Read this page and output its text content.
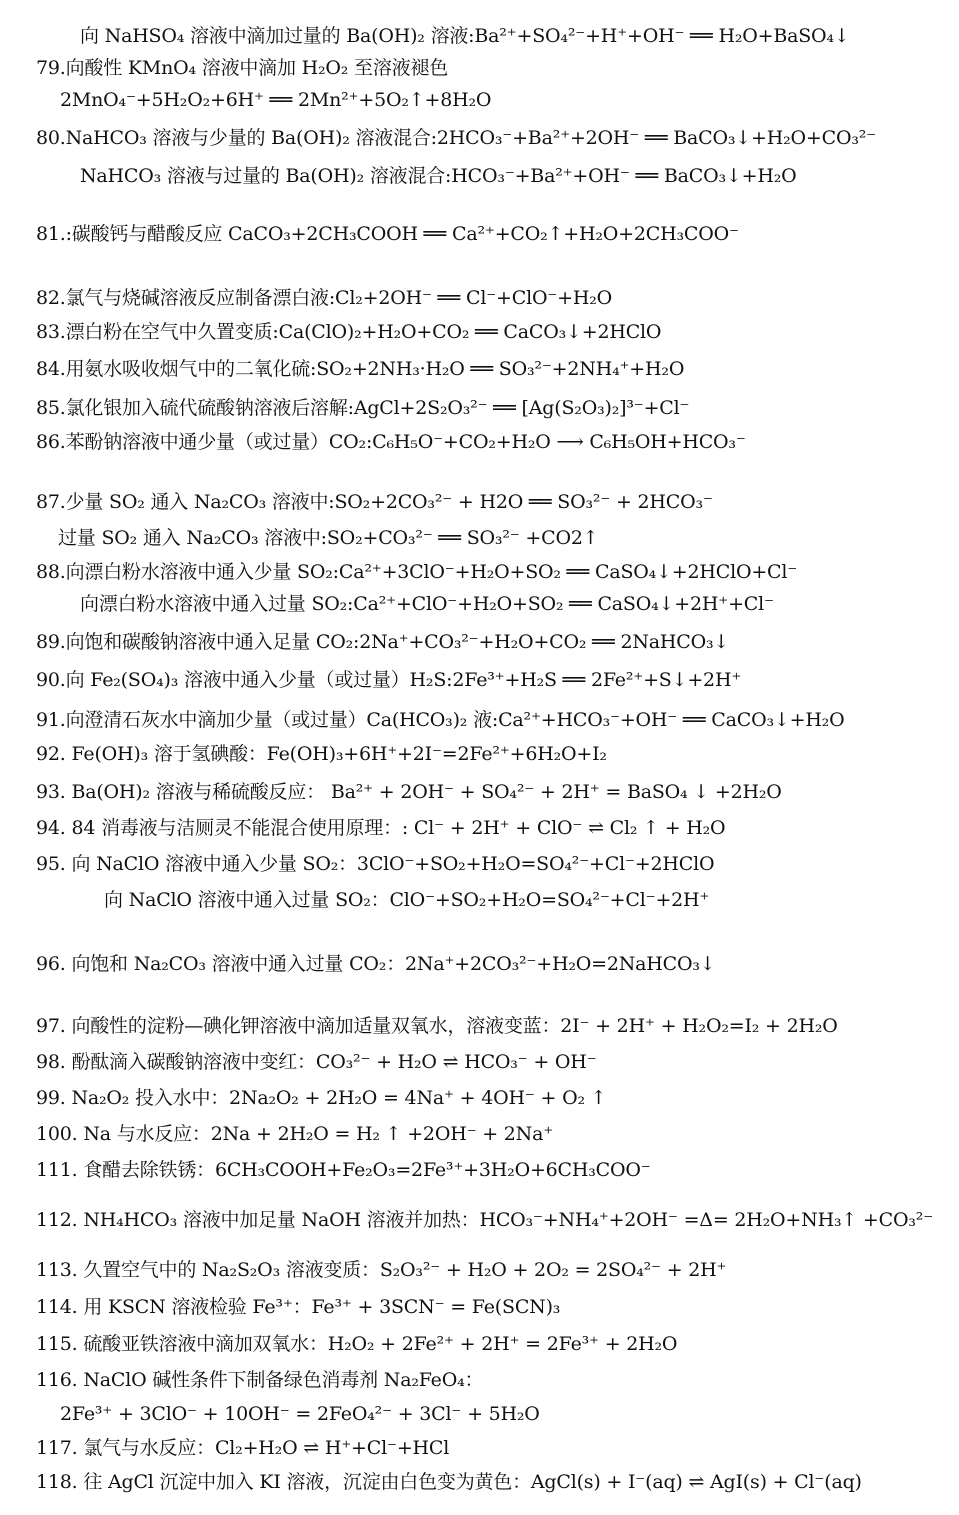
向 NaHSO₄ 溶液中滴加过量的 Ba(OH)₂ 溶液:Ba²⁺+SO₄²⁻+H⁺+OH⁻ ══ H₂O+BaSO₄↓
79.向酸性 KMnO₄ 溶液中滴加 H₂O₂ 至溶液褪色
2MnO₄⁻+5H₂O₂+6H⁺ ══ 2Mn²⁺+5O₂↑+8H₂O
80.NaHCO₃ 溶液与少量的 Ba(OH)₂ 溶液混合:2HCO₃⁻+Ba²⁺+2OH⁻ ══ BaCO₃↓+H₂O+CO₃²⁻
NaHCO₃ 溶液与过量的 Ba(OH)₂ 溶液混合:HCO₃⁻+Ba²⁺+OH⁻ ══ BaCO₃↓+H₂O
81.:碳酸钙与醋酸反应 CaCO₃+2CH₃COOH ══ Ca²⁺+CO₂↑+H₂O+2CH₃COO⁻
82.氯气与烧碱溶液反应制备漂白液:Cl₂+2OH⁻ ══ Cl⁻+ClO⁻+H₂O
83.漂白粉在空气中久置变质:Ca(ClO)₂+H₂O+CO₂ ══ CaCO₃↓+2HClO
84.用氨水吸收烟气中的二氧化硫:SO₂+2NH₃·H₂O ══ SO₃²⁻+2NH₄⁺+H₂O
85.氯化银加入硫代硫酸钠溶液后溶解:AgCl+2S₂O₃²⁻ ══ [Ag(S₂O₃)₂]³⁻+Cl⁻
86.苯酚钠溶液中通少量（或过量）CO₂:C₆H₅O⁻+CO₂+H₂O ⟶ C₆H₅OH+HCO₃⁻
87.少量 SO₂ 通入 Na₂CO₃ 溶液中:SO₂+2CO₃²⁻ + H2O ══ SO₃²⁻ + 2HCO₃⁻
过量 SO₂ 通入 Na₂CO₃ 溶液中:SO₂+CO₃²⁻ ══ SO₃²⁻ +CO2↑
88.向漂白粉水溶液中通入少量 SO₂:Ca²⁺+3ClO⁻+H₂O+SO₂ ══ CaSO₄↓+2HClO+Cl⁻
向漂白粉水溶液中通入过量 SO₂:Ca²⁺+ClO⁻+H₂O+SO₂ ══ CaSO₄↓+2H⁺+Cl⁻
89.向饱和碳酸钠溶液中通入足量 CO₂:2Na⁺+CO₃²⁻+H₂O+CO₂ ══ 2NaHCO₃↓
90.向 Fe₂(SO₄)₃ 溶液中通入少量（或过量）H₂S:2Fe³⁺+H₂S ══ 2Fe²⁺+S↓+2H⁺
91.向澄清石灰水中滴加少量（或过量）Ca(HCO₃)₂ 液:Ca²⁺+HCO₃⁻+OH⁻ ══ CaCO₃↓+H₂O
92. Fe(OH)₃ 溶于氢碘酸：Fe(OH)₃+6H⁺+2I⁻=2Fe²⁺+6H₂O+I₂
93. Ba(OH)₂ 溶液与稀硫酸反应： Ba²⁺ + 2OH⁻ + SO₄²⁻ + 2H⁺ = BaSO₄ ↓ +2H₂O
94. 84 消毒液与洁厕灵不能混合使用原理：: Cl⁻ + 2H⁺ + ClO⁻ ⇌ Cl₂ ↑ + H₂O
95. 向 NaClO 溶液中通入少量 SO₂：3ClO⁻+SO₂+H₂O=SO₄²⁻+Cl⁻+2HClO
向 NaClO 溶液中通入过量 SO₂：ClO⁻+SO₂+H₂O=SO₄²⁻+Cl⁻+2H⁺
96. 向饱和 Na₂CO₃ 溶液中通入过量 CO₂：2Na⁺+2CO₃²⁻+H₂O=2NaHCO₃↓
97. 向酸性的淀粉—碘化钾溶液中滴加适量双氧水，溶液变蓝：2I⁻ + 2H⁺ + H₂O₂=I₂ + 2H₂O
98. 酚酞滴入碳酸钠溶液中变红：CO₃²⁻ + H₂O ⇌ HCO₃⁻ + OH⁻
99. Na₂O₂ 投入水中：2Na₂O₂ + 2H₂O = 4Na⁺ + 4OH⁻ + O₂ ↑
100. Na 与水反应：2Na + 2H₂O = H₂ ↑ +2OH⁻ + 2Na⁺
111. 食醋去除铁锈：6CH₃COOH+Fe₂O₃=2Fe³⁺+3H₂O+6CH₃COO⁻
112. NH₄HCO₃ 溶液中加足量 NaOH 溶液并加热：HCO₃⁻+NH₄⁺+2OH⁻ =Δ= 2H₂O+NH₃↑ +CO₃²⁻
113. 久置空气中的 Na₂S₂O₃ 溶液变质：S₂O₃²⁻ + H₂O + 2O₂ = 2SO₄²⁻ + 2H⁺
114. 用 KSCN 溶液检验 Fe³⁺：Fe³⁺ + 3SCN⁻ = Fe(SCN)₃
115. 硫酸亚铁溶液中滴加双氧水：H₂O₂ + 2Fe²⁺ + 2H⁺ = 2Fe³⁺ + 2H₂O
116. NaClO 碱性条件下制备绿色消毒剂 Na₂FeO₄：
2Fe³⁺ + 3ClO⁻ + 10OH⁻ = 2FeO₄²⁻ + 3Cl⁻ + 5H₂O
117. 氯气与水反应：Cl₂+H₂O ⇌ H⁺+Cl⁻+HCl
118. 往 AgCl 沉淀中加入 KI 溶液，沉淀由白色变为黄色：AgCl(s) + I⁻(aq) ⇌ AgI(s) + Cl⁻(aq)
